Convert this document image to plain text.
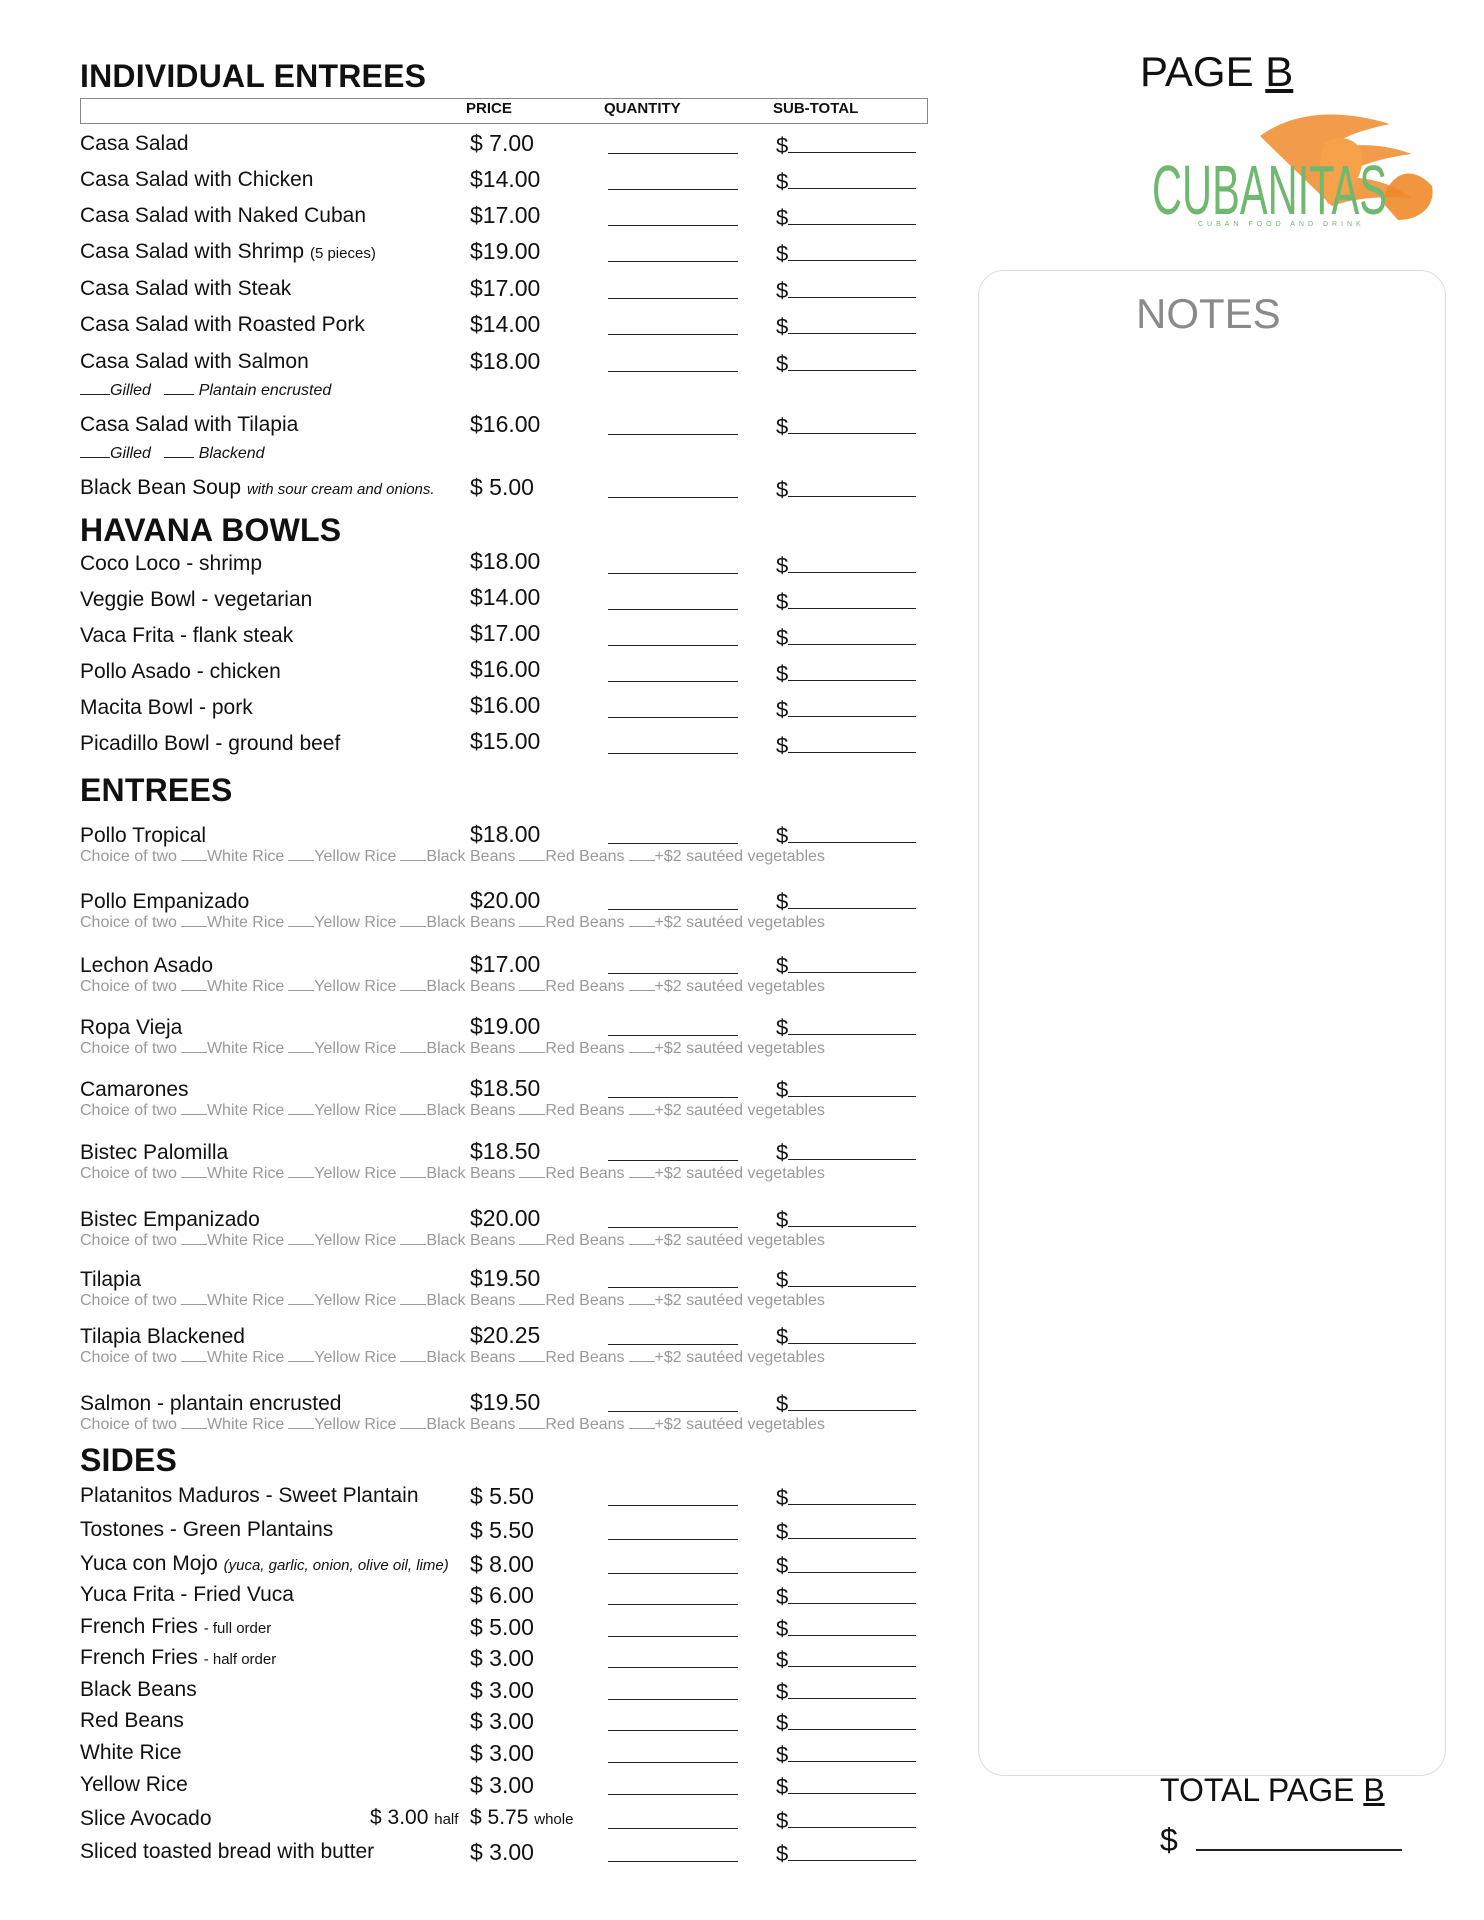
PAGE B
CUBANITAS
CUBAN FOOD AND DRINK
NOTES
TOTAL PAGE B
$
INDIVIDUAL ENTREES
PRICE	QUANTITY	SUB-TOTAL
Casa Salad	$ 7.00	$
Casa Salad with Chicken	$14.00	$
Casa Salad with Naked Cuban	$17.00	$
Casa Salad with Shrimp (5 pieces)	$19.00	$
Casa Salad with Steak	$17.00	$
Casa Salad with Roasted Pork	$14.00	$
Casa Salad with Salmon	$18.00	$
Gilled	Plantain encrusted
Casa Salad with Tilapia	$16.00	$
Gilled	Blackend
Black Bean Soup with sour cream and onions. $ 5.00	$
HAVANA BOWLS
Coco Loco - shrimp	$18.00	$
Veggie Bowl - vegetarian	$14.00	$
Vaca Frita - flank steak	$17.00	$
Pollo Asado - chicken	$16.00	$
Macita Bowl - pork	$16.00	$
Picadillo Bowl - ground beef	$15.00	$
ENTREES
Pollo Tropical	$18.00	$
Choice of two White Rice Yellow Rice Black Beans Red Beans +$2 sautéed vegetables
Pollo Empanizado	$20.00	$
Choice of two White Rice Yellow Rice Black Beans Red Beans +$2 sautéed vegetables
Lechon Asado	$17.00	$
Choice of two White Rice Yellow Rice Black Beans Red Beans +$2 sautéed vegetables
Ropa Vieja	$19.00	$
Choice of two White Rice Yellow Rice Black Beans Red Beans +$2 sautéed vegetables
Camarones	$18.50	$
Choice of two White Rice Yellow Rice Black Beans Red Beans +$2 sautéed vegetables
Bistec Palomilla	$18.50	$
Choice of two White Rice Yellow Rice Black Beans Red Beans +$2 sautéed vegetables
Bistec Empanizado	$20.00	$
Choice of two White Rice Yellow Rice Black Beans Red Beans +$2 sautéed vegetables
Tilapia	$19.50	$
Choice of two White Rice Yellow Rice Black Beans Red Beans +$2 sautéed vegetables
Tilapia Blackened	$20.25	$
Choice of two White Rice Yellow Rice Black Beans Red Beans +$2 sautéed vegetables
Salmon - plantain encrusted	$19.50	$
Choice of two White Rice Yellow Rice Black Beans Red Beans +$2 sautéed vegetables
SIDES
Platanitos Maduros - Sweet Plantain $ 5.50	$
Tostones - Green Plantains	$ 5.50	$
Yuca con Mojo (yuca, garlic, onion, olive oil, lime) $ 8.00	$
Yuca Frita - Fried Vuca	$ 6.00	$
French Fries - full order	$ 5.00	$
French Fries - half order	$ 3.00	$
Black Beans	$ 3.00	$
Red Beans	$ 3.00	$
White Rice	$ 3.00	$
Yellow Rice	$ 3.00	$
Slice Avocado	$ 3.00 half $ 5.75 whole	$
Sliced toasted bread with butter	$ 3.00	$
